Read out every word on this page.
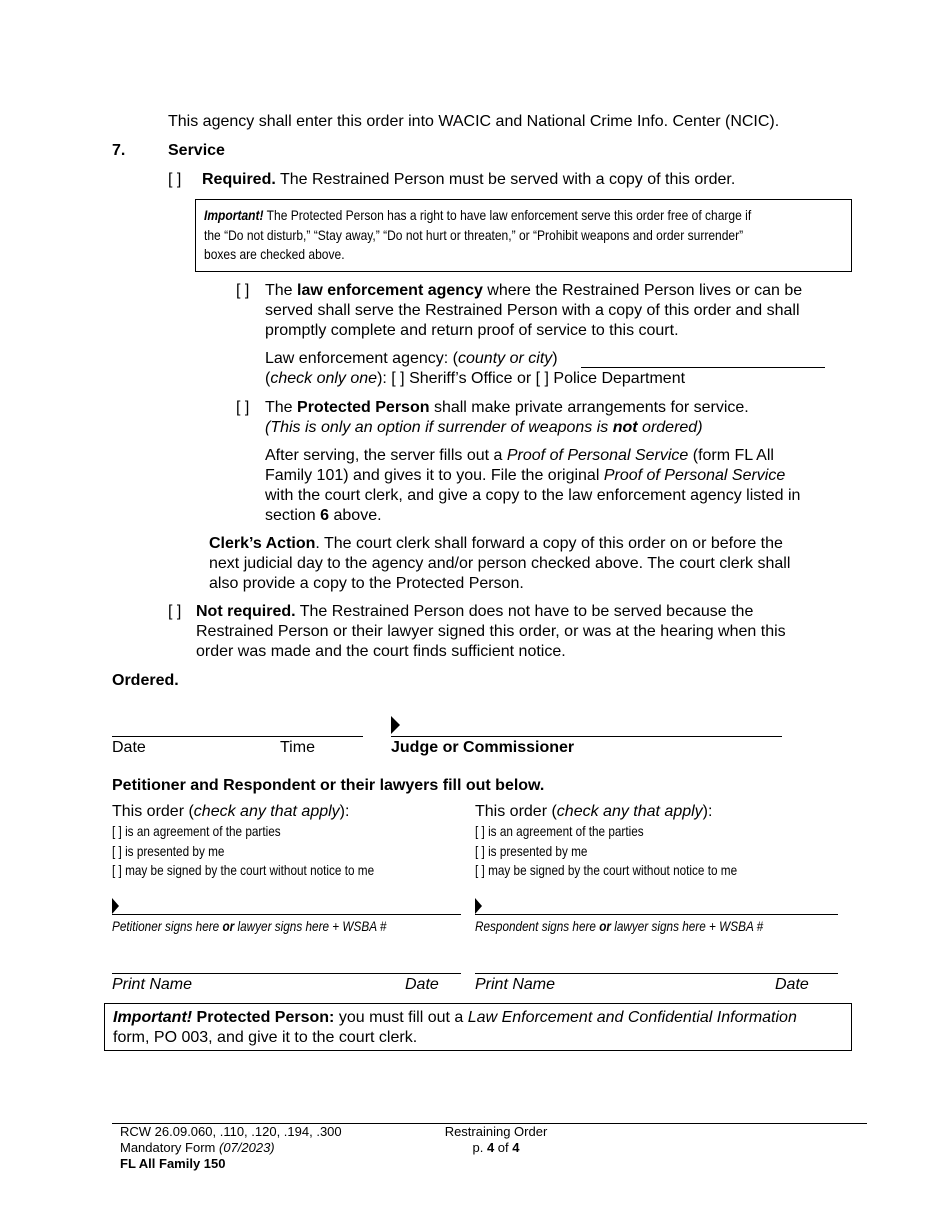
This agency shall enter this order into WACIC and National Crime Info. Center (NCIC).
7.	Service
[ ] Required. The Restrained Person must be served with a copy of this order.
Important! The Protected Person has a right to have law enforcement serve this order free of charge if
the “Do not disturb,” “Stay away,” “Do not hurt or threaten,” or “Prohibit weapons and order surrender”
boxes are checked above.
[ ] The law enforcement agency where the Restrained Person lives or can be
served shall serve the Restrained Person with a copy of this order and shall
promptly complete and return proof of service to this court.
Law enforcement agency: (county or city)
(check only one): [ ] Sheriff’s Office or [ ] Police Department
[ ] The Protected Person shall make private arrangements for service.
(This is only an option if surrender of weapons is not ordered)
After serving, the server fills out a Proof of Personal Service (form FL All
Family 101) and gives it to you. File the original Proof of Personal Service
with the court clerk, and give a copy to the law enforcement agency listed in
section 6 above.
Clerk’s Action. The court clerk shall forward a copy of this order on or before the
next judicial day to the agency and/or person checked above. The court clerk shall
also provide a copy to the Protected Person.
[ ] Not required. The Restrained Person does not have to be served because the
Restrained Person or their lawyer signed this order, or was at the hearing when this
order was made and the court finds sufficient notice.
Ordered.
Date	Time	Judge or Commissioner
Petitioner and Respondent or their lawyers fill out below.
This order (check any that apply):
[ ] is an agreement of the parties
[ ] is presented by me
[ ] may be signed by the court without notice to me
Petitioner signs here or lawyer signs here + WSBA #
Print Name	Date
This order (check any that apply):
[ ] is an agreement of the parties
[ ] is presented by me
[ ] may be signed by the court without notice to me
Respondent signs here or lawyer signs here + WSBA #
Print Name	Date
Important! Protected Person: you must fill out a Law Enforcement and Confidential Information
form, PO 003, and give it to the court clerk.
RCW 26.09.060, .110, .120, .194, .300
Mandatory Form (07/2023)
FL All Family 150
Restraining Order
p. 4 of 4
